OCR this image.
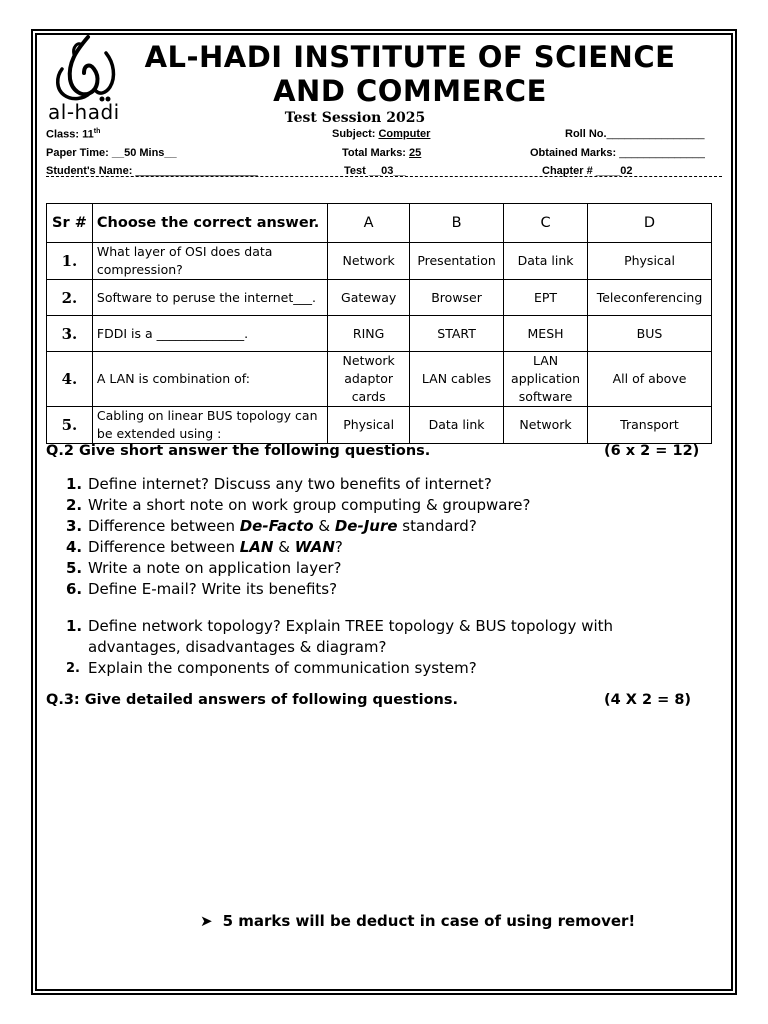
al-hadi
AL-HADI INSTITUTE OF SCIENCE
AND COMMERCE
Test Session 2025
Class: 11th	Subject: Computer	Roll No.________________
Paper Time: __50 Mins__	Total Marks: 25	Obtained Marks: ______________
Student's Name: ____________________	Test __03__	Chapter # ____02
Sr #	Choose the correct answer.	A	B	C	D
1.	What layer of OSI does data compression?	Network	Presentation	Data link	Physical
2.	Software to peruse the internet___.	Gateway	Browser	EPT	Teleconferencing
3.	FDDI is a ______________.	RING	START	MESH	BUS
4.	A LAN is combination of:	Network adaptor cards	LAN cables	LAN application software	All of above
5.	Cabling on linear BUS topology can be extended using :	Physical	Data link	Network	Transport
Q.2 Give short answer the following questions.	(6 x 2 = 12)
1. Define internet? Discuss any two benefits of internet?
2. Write a short note on work group computing & groupware?
3. Difference between De-Facto & De-Jure standard?
4. Difference between LAN & WAN?
5. Write a note on application layer?
6. Define E-mail? Write its benefits?
1. Define network topology? Explain TREE topology & BUS topology with advantages, disadvantages & diagram?
2. Explain the components of communication system?
Q.3: Give detailed answers of following questions.	(4 X 2 = 8)
➤ 5 marks will be deduct in case of using remover!
